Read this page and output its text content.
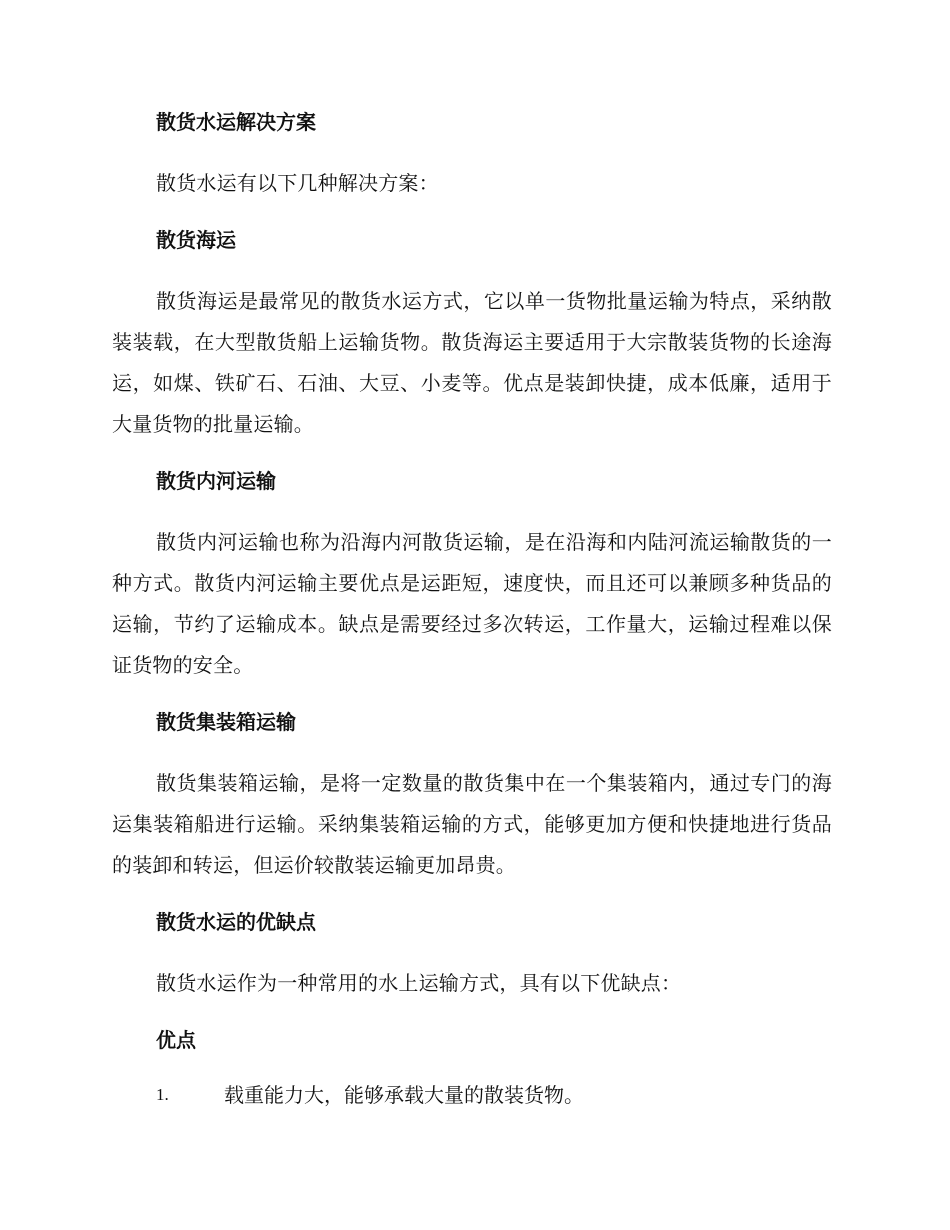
散货水运解决方案

散货水运有以下几种解决方案：

散货海运

散货海运是最常见的散货水运方式，它以单一货物批量运输为特点，采纳散装装载，在大型散货船上运输货物。散货海运主要适用于大宗散装货物的长途海运，如煤、铁矿石、石油、大豆、小麦等。优点是装卸快捷，成本低廉，适用于大量货物的批量运输。

散货内河运输

散货内河运输也称为沿海内河散货运输，是在沿海和内陆河流运输散货的一种方式。散货内河运输主要优点是运距短，速度快，而且还可以兼顾多种货品的运输，节约了运输成本。缺点是需要经过多次转运，工作量大，运输过程难以保证货物的安全。

散货集装箱运输

散货集装箱运输，是将一定数量的散货集中在一个集装箱内，通过专门的海运集装箱船进行运输。采纳集装箱运输的方式，能够更加方便和快捷地进行货品的装卸和转运，但运价较散装运输更加昂贵。

散货水运的优缺点

散货水运作为一种常用的水上运输方式，具有以下优缺点：

优点
1.	载重能力大，能够承载大量的散装货物。
